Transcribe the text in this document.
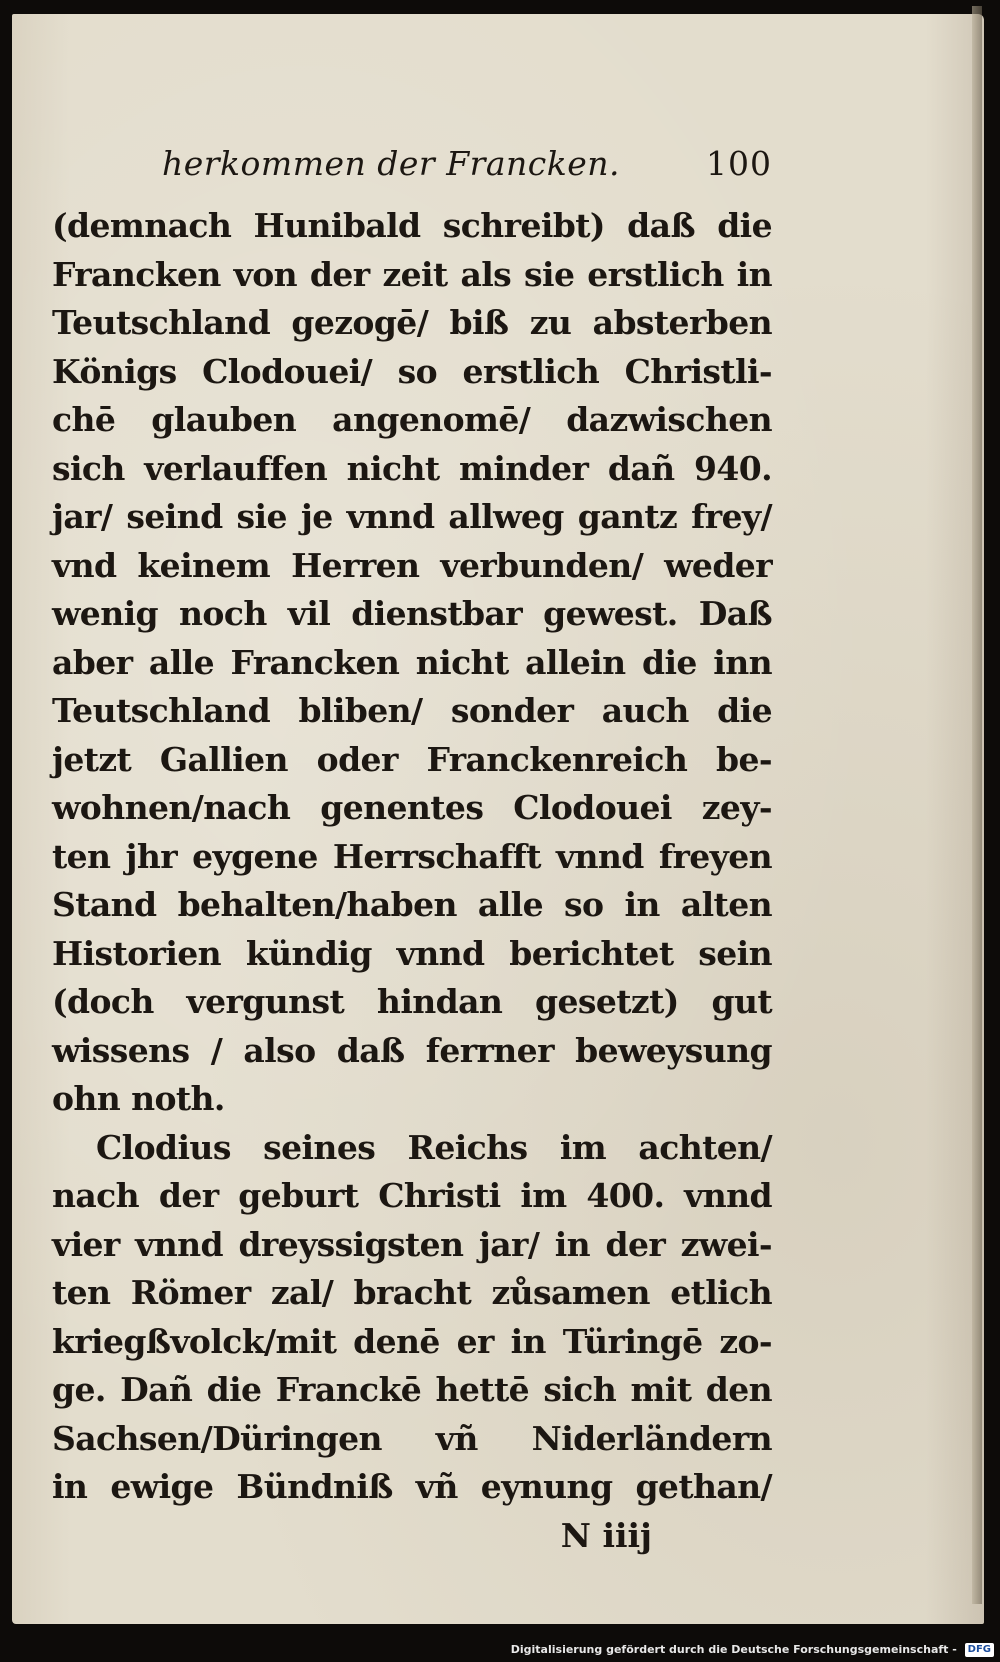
herkommen der Francken.	100
(demnach Hunibald schreibt) daß die
Francken von der zeit als sie erstlich in
Teutschland gezogē/ biß zu absterben
Königs Clodouei/ so erstlich Christli-
chē glauben angenomē/ dazwischen
sich verlauffen nicht minder dañ 940.
jar/ seind sie je vnnd allweg gantz frey/
vnd keinem Herren verbunden/ weder
wenig noch vil dienstbar gewest. Daß
aber alle Francken nicht allein die inn
Teutschland bliben/ sonder auch die
jetzt Gallien oder Franckenreich be-
wohnen/nach genentes Clodouei zey-
ten jhr eygene Herrschafft vnnd freyen
Stand behalten/haben alle so in alten
Historien kündig vnnd berichtet sein
(doch vergunst hindan gesetzt) gut
wissens / also daß ferrner beweysung
ohn noth.
Clodius seines Reichs im achten/
nach der geburt Christi im 400. vnnd
vier vnnd dreyssigsten jar/ in der zwei-
ten Römer zal/ bracht zůsamen etlich
kriegßvolck/mit denē er in Türingē zo-
ge. Dañ die Franckē hettē sich mit den
Sachsen/Düringen vñ Niderländern
in ewige Bündniß vñ eynung gethan/
N iiij
Digitalisierung gefördert durch die Deutsche Forschungsgemeinschaft - DFG
